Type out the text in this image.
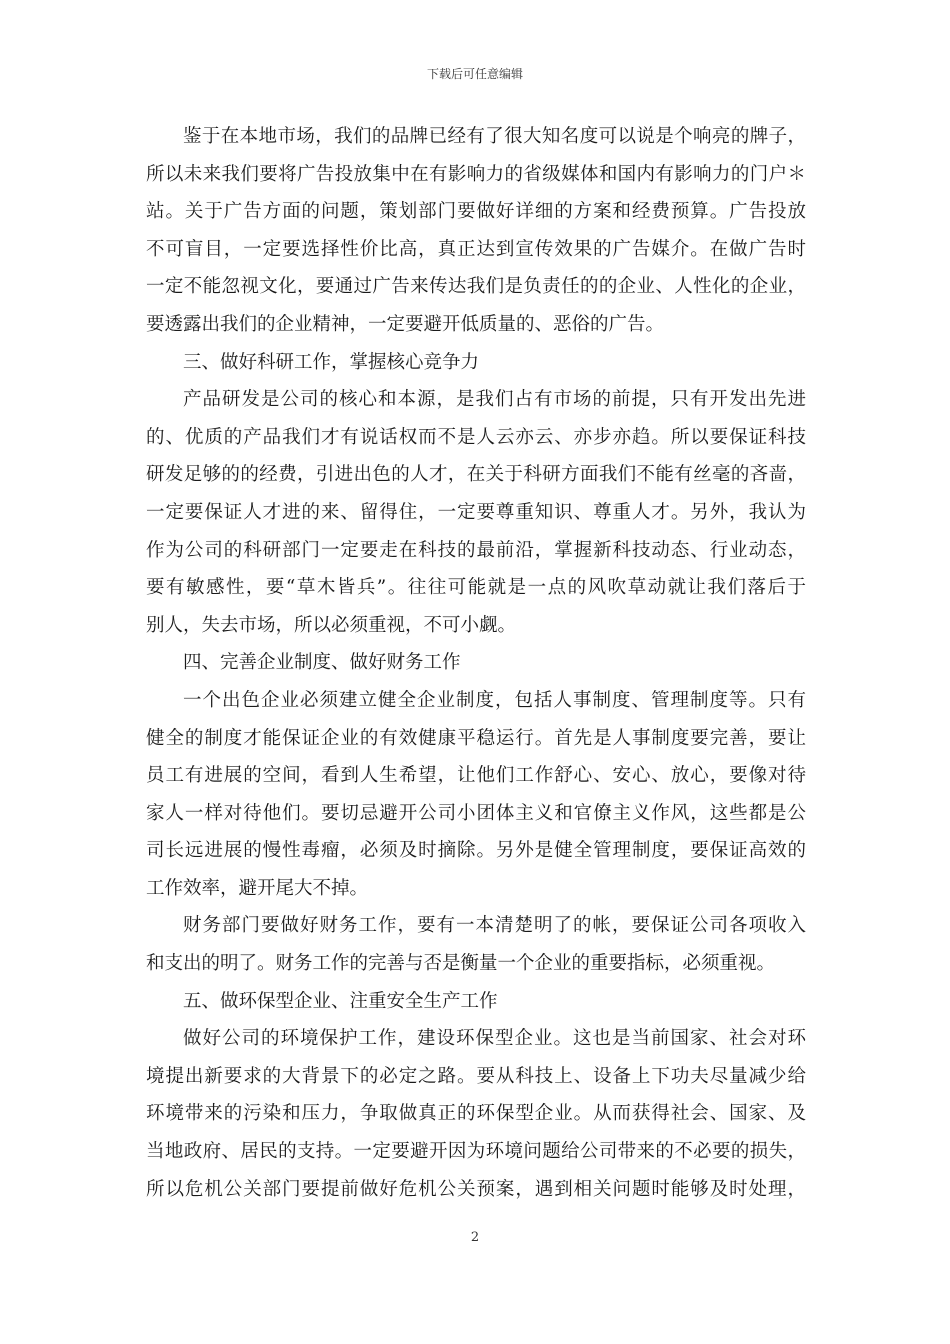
下载后可任意编辑
鉴于在本地市场，我们的品牌已经有了很大知名度可以说是个响亮的牌子，
所以未来我们要将广告投放集中在有影响力的省级媒体和国内有影响力的门户＊
站。关于广告方面的问题，策划部门要做好详细的方案和经费预算。广告投放
不可盲目，一定要选择性价比高，真正达到宣传效果的广告媒介。在做广告时
一定不能忽视文化，要通过广告来传达我们是负责任的的企业、人性化的企业，
要透露出我们的企业精神，一定要避开低质量的、恶俗的广告。
三、做好科研工作，掌握核心竞争力
产品研发是公司的核心和本源，是我们占有市场的前提，只有开发出先进
的、优质的产品我们才有说话权而不是人云亦云、亦步亦趋。所以要保证科技
研发足够的的经费，引进出色的人才，在关于科研方面我们不能有丝毫的吝啬，
一定要保证人才进的来、留得住，一定要尊重知识、尊重人才。另外，我认为
作为公司的科研部门一定要走在科技的最前沿，掌握新科技动态、行业动态，
要有敏感性，要“草木皆兵”。往往可能就是一点的风吹草动就让我们落后于
别人，失去市场，所以必须重视，不可小觑。
四、完善企业制度、做好财务工作
一个出色企业必须建立健全企业制度，包括人事制度、管理制度等。只有
健全的制度才能保证企业的有效健康平稳运行。首先是人事制度要完善，要让
员工有进展的空间，看到人生希望，让他们工作舒心、安心、放心，要像对待
家人一样对待他们。要切忌避开公司小团体主义和官僚主义作风，这些都是公
司长远进展的慢性毒瘤，必须及时摘除。另外是健全管理制度，要保证高效的
工作效率，避开尾大不掉。
财务部门要做好财务工作，要有一本清楚明了的帐，要保证公司各项收入
和支出的明了。财务工作的完善与否是衡量一个企业的重要指标，必须重视。
五、做环保型企业、注重安全生产工作
做好公司的环境保护工作，建设环保型企业。这也是当前国家、社会对环
境提出新要求的大背景下的必定之路。要从科技上、设备上下功夫尽量减少给
环境带来的污染和压力，争取做真正的环保型企业。从而获得社会、国家、及
当地政府、居民的支持。一定要避开因为环境问题给公司带来的不必要的损失，
所以危机公关部门要提前做好危机公关预案，遇到相关问题时能够及时处理，
2
